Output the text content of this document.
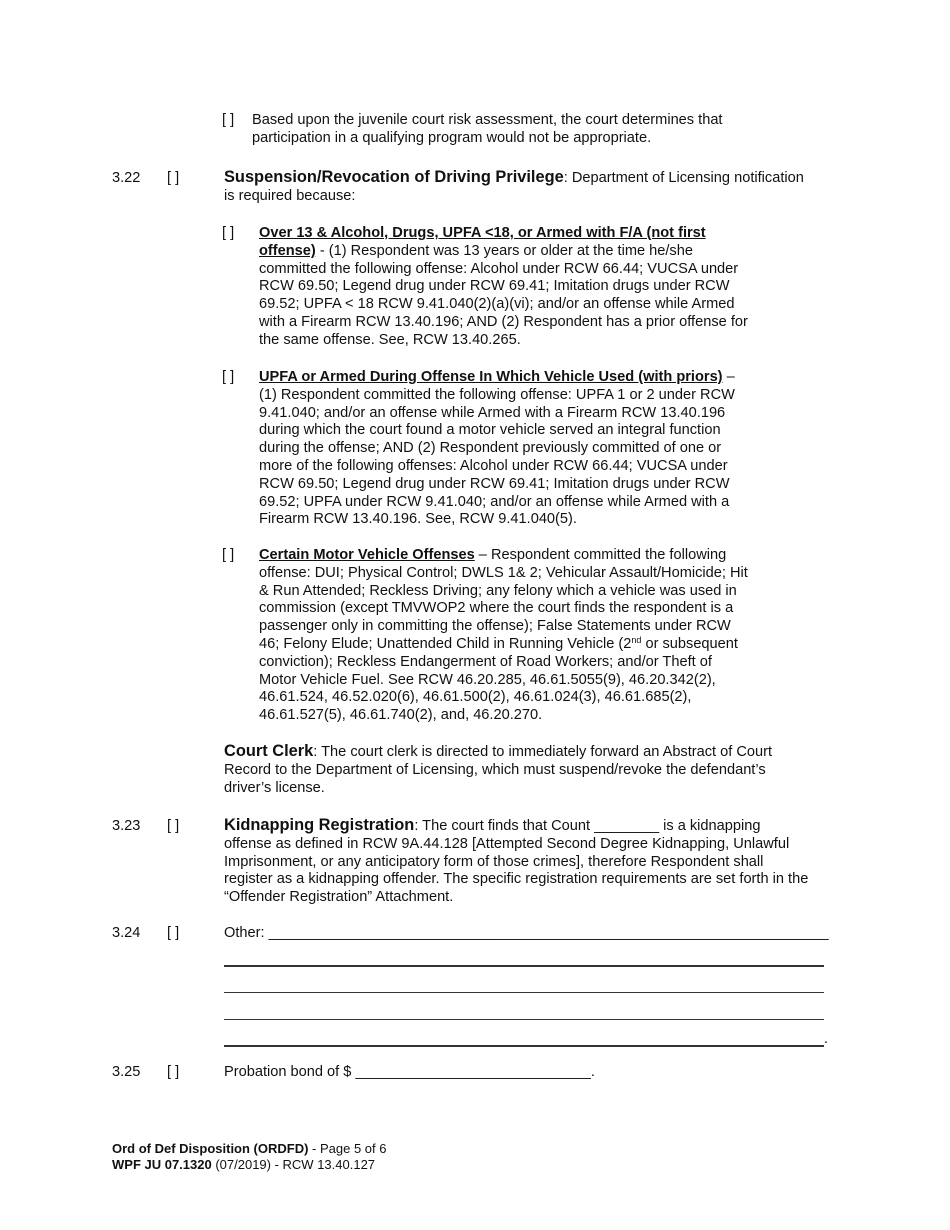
[ ] Based upon the juvenile court risk assessment, the court determines that
participation in a qualifying program would not be appropriate.
3.22 [ ]	Suspension/Revocation of Driving Privilege: Department of Licensing notification
is required because:
[ ] Over 13 & Alcohol, Drugs, UPFA <18, or Armed with F/A (not first
offense) - (1) Respondent was 13 years or older at the time he/she
committed the following offense: Alcohol under RCW 66.44; VUCSA under
RCW 69.50; Legend drug under RCW 69.41; Imitation drugs under RCW
69.52; UPFA < 18 RCW 9.41.040(2)(a)(vi); and/or an offense while Armed
with a Firearm RCW 13.40.196; AND (2) Respondent has a prior offense for
the same offense. See, RCW 13.40.265.
[ ] UPFA or Armed During Offense In Which Vehicle Used (with priors) –
(1) Respondent committed the following offense: UPFA 1 or 2 under RCW
9.41.040; and/or an offense while Armed with a Firearm RCW 13.40.196
during which the court found a motor vehicle served an integral function
during the offense; AND (2) Respondent previously committed of one or
more of the following offenses: Alcohol under RCW 66.44; VUCSA under
RCW 69.50; Legend drug under RCW 69.41; Imitation drugs under RCW
69.52; UPFA under RCW 9.41.040; and/or an offense while Armed with a
Firearm RCW 13.40.196. See, RCW 9.41.040(5).
[ ] Certain Motor Vehicle Offenses – Respondent committed the following
offense: DUI; Physical Control; DWLS 1& 2; Vehicular Assault/Homicide; Hit
& Run Attended; Reckless Driving; any felony which a vehicle was used in
commission (except TMVWOP2 where the court finds the respondent is a
passenger only in committing the offense); False Statements under RCW
46; Felony Elude; Unattended Child in Running Vehicle (2nd or subsequent
conviction); Reckless Endangerment of Road Workers; and/or Theft of
Motor Vehicle Fuel. See RCW 46.20.285, 46.61.5055(9), 46.20.342(2),
46.61.524, 46.52.020(6), 46.61.500(2), 46.61.024(3), 46.61.685(2),
46.61.527(5), 46.61.740(2), and, 46.20.270.
Court Clerk: The court clerk is directed to immediately forward an Abstract of Court
Record to the Department of Licensing, which must suspend/revoke the defendant’s
driver’s license.
3.23 [ ]	Kidnapping Registration: The court finds that Count ________ is a kidnapping
offense as defined in RCW 9A.44.128 [Attempted Second Degree Kidnapping, Unlawful
Imprisonment, or any anticipatory form of those crimes], therefore Respondent shall
register as a kidnapping offender. The specific registration requirements are set forth in the
“Offender Registration” Attachment.
3.24 [ ]	Other: _____________________________________________________________________
.
3.25 [ ]	Probation bond of $ _____________________________.
Ord of Def Disposition (ORDFD) - Page 5 of 6
WPF JU 07.1320 (07/2019) - RCW 13.40.127
